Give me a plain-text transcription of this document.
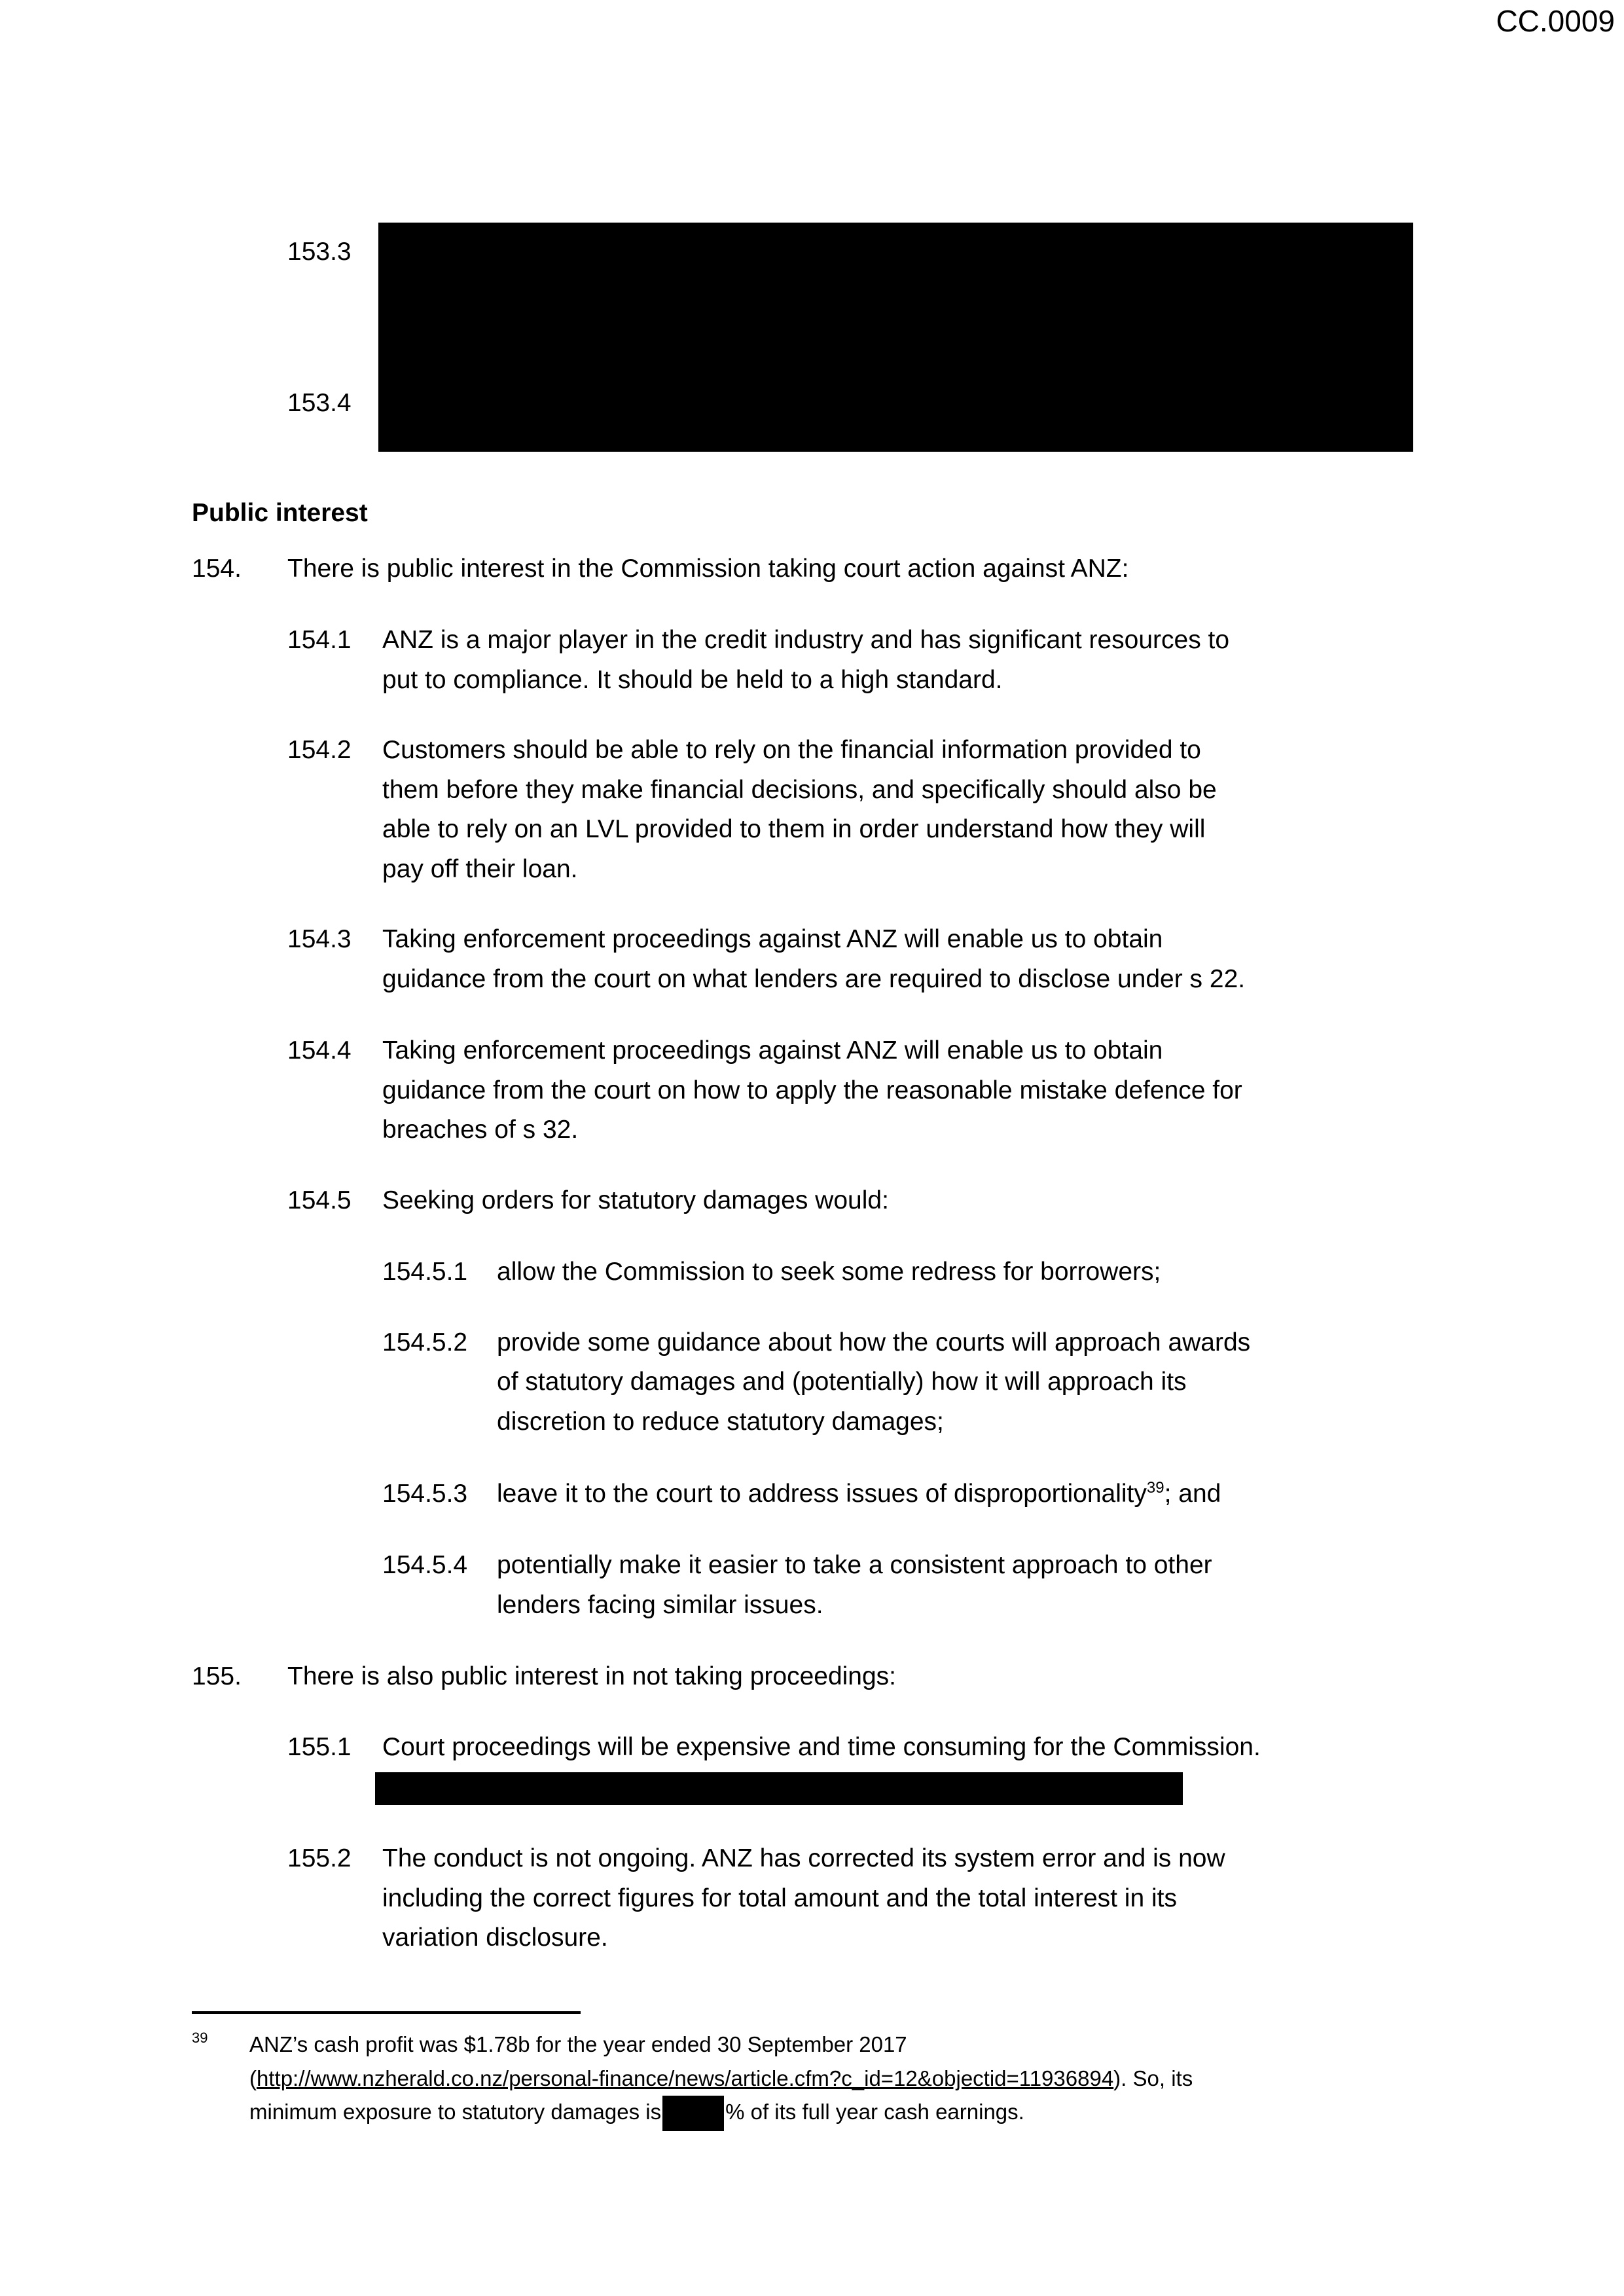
CC.0009
153.3
153.4
Public interest
154. There is public interest in the Commission taking court action against ANZ:
154.1 ANZ is a major player in the credit industry and has significant resources to
put to compliance. It should be held to a high standard.
154.2 Customers should be able to rely on the financial information provided to
them before they make financial decisions, and specifically should also be
able to rely on an LVL provided to them in order understand how they will
pay off their loan.
154.3 Taking enforcement proceedings against ANZ will enable us to obtain
guidance from the court on what lenders are required to disclose under s 22.
154.4 Taking enforcement proceedings against ANZ will enable us to obtain
guidance from the court on how to apply the reasonable mistake defence for
breaches of s 32.
154.5 Seeking orders for statutory damages would:
154.5.1 allow the Commission to seek some redress for borrowers;
154.5.2 provide some guidance about how the courts will approach awards
of statutory damages and (potentially) how it will approach its
discretion to reduce statutory damages;
154.5.3 leave it to the court to address issues of disproportionality$^{39}$; and
154.5.4 potentially make it easier to take a consistent approach to other
lenders facing similar issues.
155. There is also public interest in not taking proceedings:
155.1 Court proceedings will be expensive and time consuming for the Commission.
155.2 The conduct is not ongoing. ANZ has corrected its system error and is now
including the correct figures for total amount and the total interest in its
variation disclosure.
39 ANZ’s cash profit was $1.78b for the year ended 30 September 2017
(http://www.nzherald.co.nz/personal-finance/news/article.cfm?c_id=12&objectid=11936894). So, its
minimum exposure to statutory damages is	% of its full year cash earnings.
